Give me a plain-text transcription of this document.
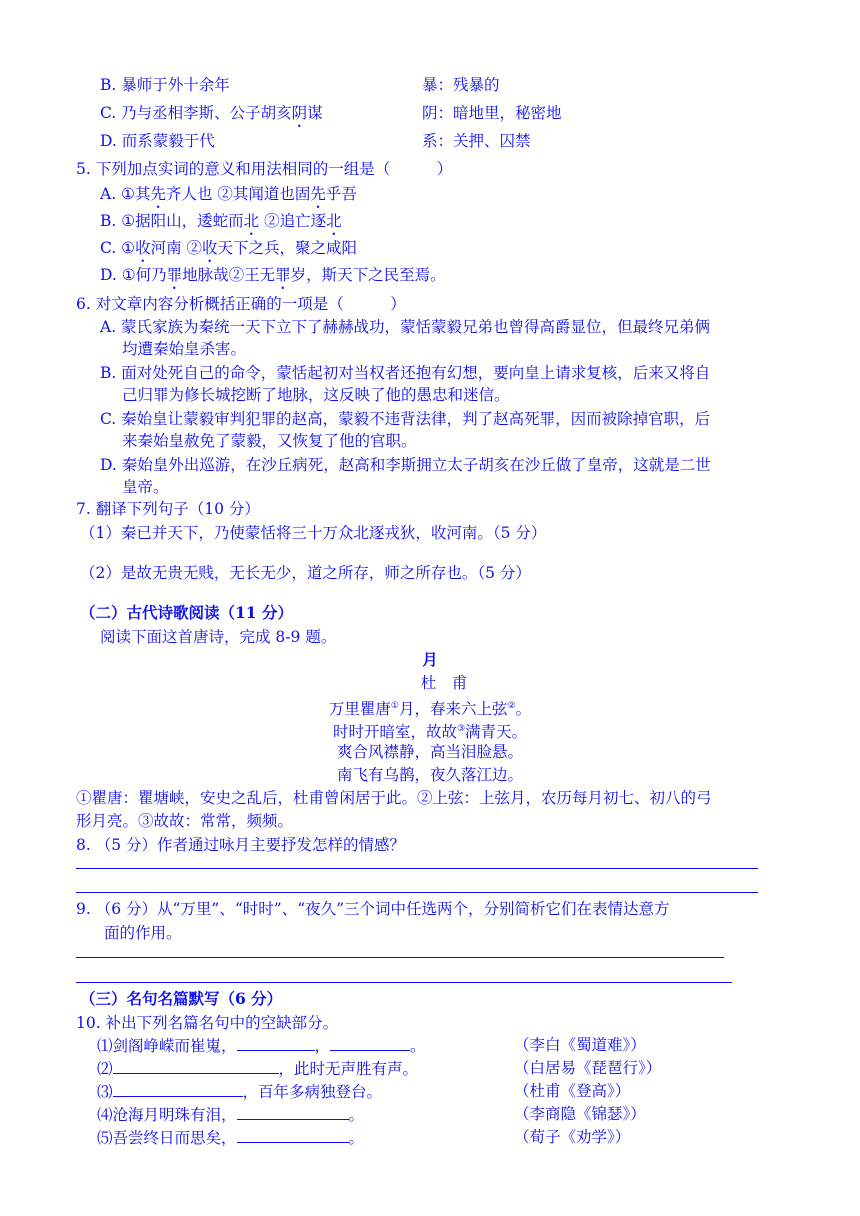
B. 暴师于外十余年	暴：残暴的
C. 乃与丞相李斯、公子胡亥阴谋	阴：暗地里，秘密地
D. 而系蒙毅于代	系：关押、囚禁
5. 下列加点实词的意义和用法相同的一组是（　　　）
A. ①其先齐人也 ②其闻道也固先乎吾
B. ①据阳山，逶蛇而北 ②追亡逐北
C. ①收河南 ②收天下之兵，聚之咸阳
D. ①何乃罪地脉哉②王无罪岁，斯天下之民至焉。
6. 对文章内容分析概括正确的一项是（　　　）
A. 蒙氏家族为秦统一天下立下了赫赫战功，蒙恬蒙毅兄弟也曾得高爵显位，但最终兄弟俩
均遭秦始皇杀害。
B. 面对处死自己的命令，蒙恬起初对当权者还抱有幻想，要向皇上请求复核，后来又将自
己归罪为修长城挖断了地脉，这反映了他的愚忠和迷信。
C. 秦始皇让蒙毅审判犯罪的赵高，蒙毅不违背法律，判了赵高死罪，因而被除掉官职，后
来秦始皇赦免了蒙毅，又恢复了他的官职。
D. 秦始皇外出巡游，在沙丘病死，赵高和李斯拥立太子胡亥在沙丘做了皇帝，这就是二世
皇帝。
7. 翻译下列句子（10 分）
（1）秦已并天下，乃使蒙恬将三十万众北逐戎狄，收河南。（5 分）
（2）是故无贵无贱，无长无少，道之所存，师之所存也。（5 分）
（二）古代诗歌阅读（11 分）
阅读下面这首唐诗，完成 8-9 题。
月
杜　甫
万里瞿唐①月，春来六上弦②。
时时开暗室，故故③满青天。
爽合风襟静，高当泪脸悬。
南飞有乌鹊，夜久落江边。
①瞿唐：瞿塘峡，安史之乱后，杜甫曾闲居于此。②上弦：上弦月，农历每月初七、初八的弓
形月亮。③故故：常常，频频。
8. （5 分）作者通过咏月主要抒发怎样的情感？
9. （6 分）从“万里”、“时时”、“夜久”三个词中任选两个，分别简析它们在表情达意方
面的作用。
（三）名句名篇默写（6 分）
10. 补出下列名篇名句中的空缺部分。
⑴剑阁峥嵘而崔嵬，	，	。	（李白《蜀道难》）
⑵	，此时无声胜有声。	（白居易《琵琶行》）
⑶	，百年多病独登台。	（杜甫《登高》）
⑷沧海月明珠有泪，	。	（李商隐《锦瑟》）
⑸吾尝终日而思矣，	。	（荀子《劝学》）
